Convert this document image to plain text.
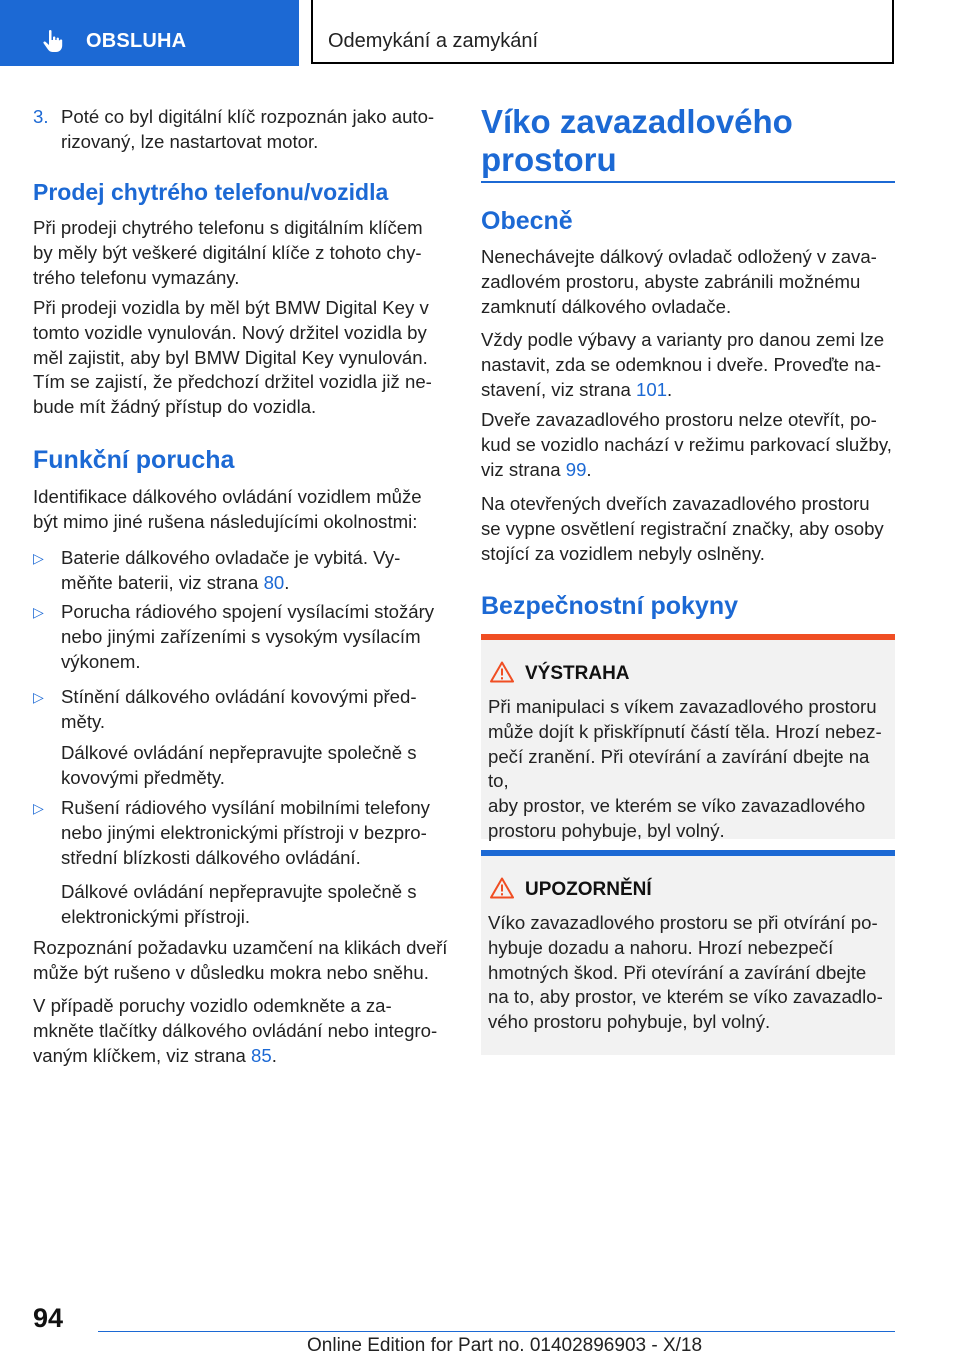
OBSLUHA	Odemykání a zamykání
3. Poté co byl digitální klíč rozpoznán jako auto-
rizovaný, lze nastartovat motor.
Prodej chytrého telefonu/vozidla
Při prodeji chytrého telefonu s digitálním klíčem
by měly být veškeré digitální klíče z tohoto chy-
trého telefonu vymazány.
Při prodeji vozidla by měl být BMW Digital Key v
tomto vozidle vynulován. Nový držitel vozidla by
měl zajistit, aby byl BMW Digital Key vynulován.
Tím se zajistí, že předchozí držitel vozidla již ne-
bude mít žádný přístup do vozidla.
Funkční porucha
Identifikace dálkového ovládání vozidlem může
být mimo jiné rušena následujícími okolnostmi:
▷ Baterie dálkového ovladače je vybitá. Vy-
měňte baterii, viz strana 80.
▷ Porucha rádiového spojení vysílacími stožáry
nebo jinými zařízeními s vysokým vysílacím
výkonem.
▷ Stínění dálkového ovládání kovovými před-
měty.
Dálkové ovládání nepřepravujte společně s
kovovými předměty.
▷ Rušení rádiového vysílání mobilními telefony
nebo jinými elektronickými přístroji v bezpro-
střední blízkosti dálkového ovládání.
Dálkové ovládání nepřepravujte společně s
elektronickými přístroji.
Rozpoznání požadavku uzamčení na klikách dveří
může být rušeno v důsledku mokra nebo sněhu.
V případě poruchy vozidlo odemkněte a za-
mkněte tlačítky dálkového ovládání nebo integro-
vaným klíčkem, viz strana 85.
Víko zavazadlového
prostoru
Obecně
Nenechávejte dálkový ovladač odložený v zava-
zadlovém prostoru, abyste zabránili možnému
zamknutí dálkového ovladače.
Vždy podle výbavy a varianty pro danou zemi lze
nastavit, zda se odemknou i dveře. Proveďte na-
stavení, viz strana 101.
Dveře zavazadlového prostoru nelze otevřít, po-
kud se vozidlo nachází v režimu parkovací služby,
viz strana 99.
Na otevřených dveřích zavazadlového prostoru
se vypne osvětlení registrační značky, aby osoby
stojící za vozidlem nebyly oslněny.
Bezpečnostní pokyny
VÝSTRAHA
Při manipulaci s víkem zavazadlového prostoru
může dojít k přiskřípnutí částí těla. Hrozí nebez-
pečí zranění. Při otevírání a zavírání dbejte na to,
aby prostor, ve kterém se víko zavazadlového
prostoru pohybuje, byl volný.
UPOZORNĚNÍ
Víko zavazadlového prostoru se při otvírání po-
hybuje dozadu a nahoru. Hrozí nebezpečí
hmotných škod. Při otevírání a zavírání dbejte
na to, aby prostor, ve kterém se víko zavazadlo-
vého prostoru pohybuje, byl volný.
94
Online Edition for Part no. 01402896903 - X/18
